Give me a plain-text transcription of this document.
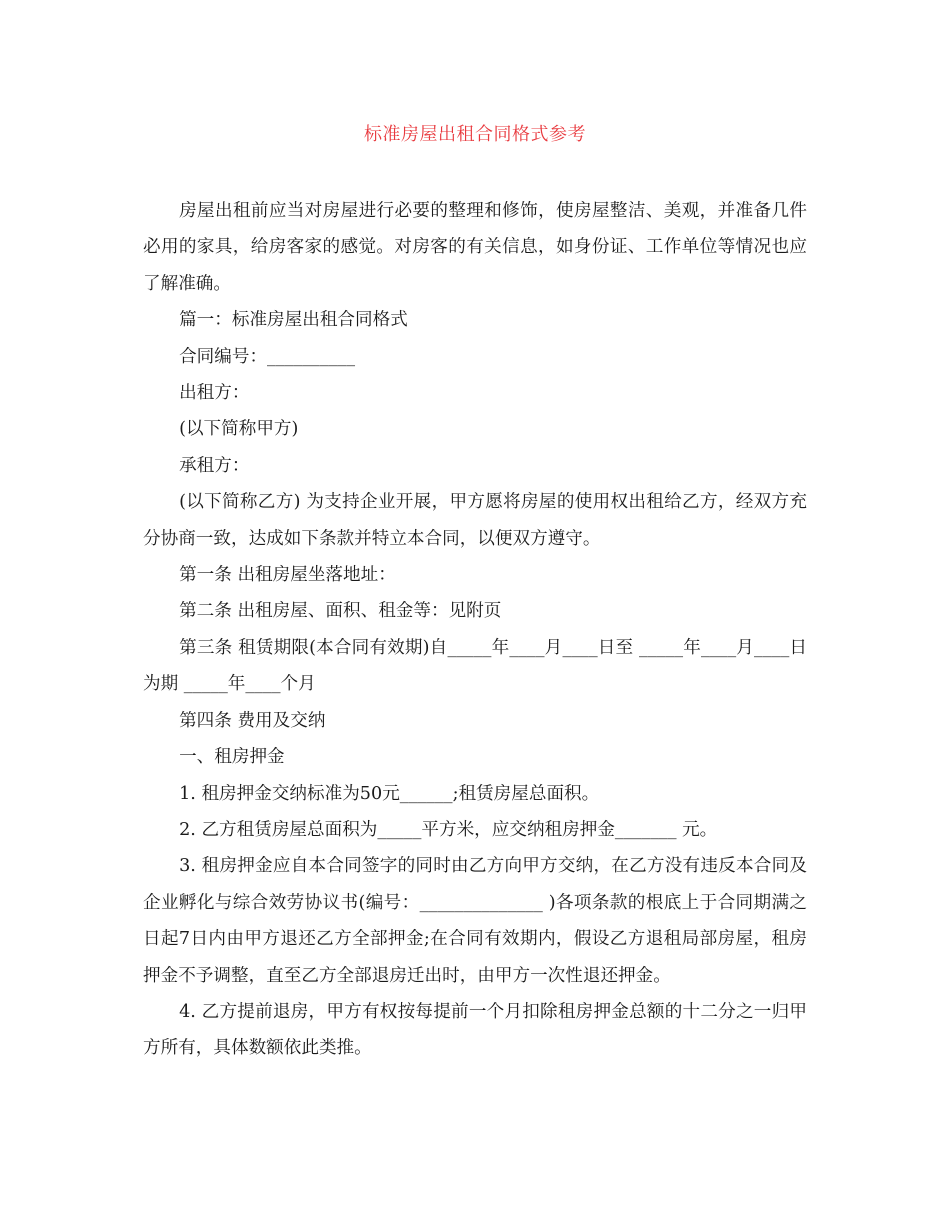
标准房屋出租合同格式参考

房屋出租前应当对房屋进行必要的整理和修饰，使房屋整洁、美观，并准备几件必用的家具，给房客家的感觉。对房客的有关信息，如身份证、工作单位等情况也应了解准确。

篇一：标准房屋出租合同格式

合同编号：__________

出租方：

(以下简称甲方)

承租方：

(以下简称乙方) 为支持企业开展，甲方愿将房屋的使用权出租给乙方，经双方充分协商一致，达成如下条款并特立本合同，以便双方遵守。

第一条 出租房屋坐落地址：

第二条 出租房屋、面积、租金等：见附页

第三条 租赁期限(本合同有效期)自_____年____月____日至 _____年____月____日为期 _____年____个月

第四条 费用及交纳

一、租房押金

1. 租房押金交纳标准为50元______;租赁房屋总面积。

2. 乙方租赁房屋总面积为_____平方米，应交纳租房押金_______ 元。

3. 租房押金应自本合同签字的同时由乙方向甲方交纳，在乙方没有违反本合同及企业孵化与综合效劳协议书(编号：______________ )各项条款的根底上于合同期满之日起7日内由甲方退还乙方全部押金;在合同有效期内，假设乙方退租局部房屋，租房押金不予调整，直至乙方全部退房迁出时，由甲方一次性退还押金。

4. 乙方提前退房，甲方有权按每提前一个月扣除租房押金总额的十二分之一归甲方所有，具体数额依此类推。
